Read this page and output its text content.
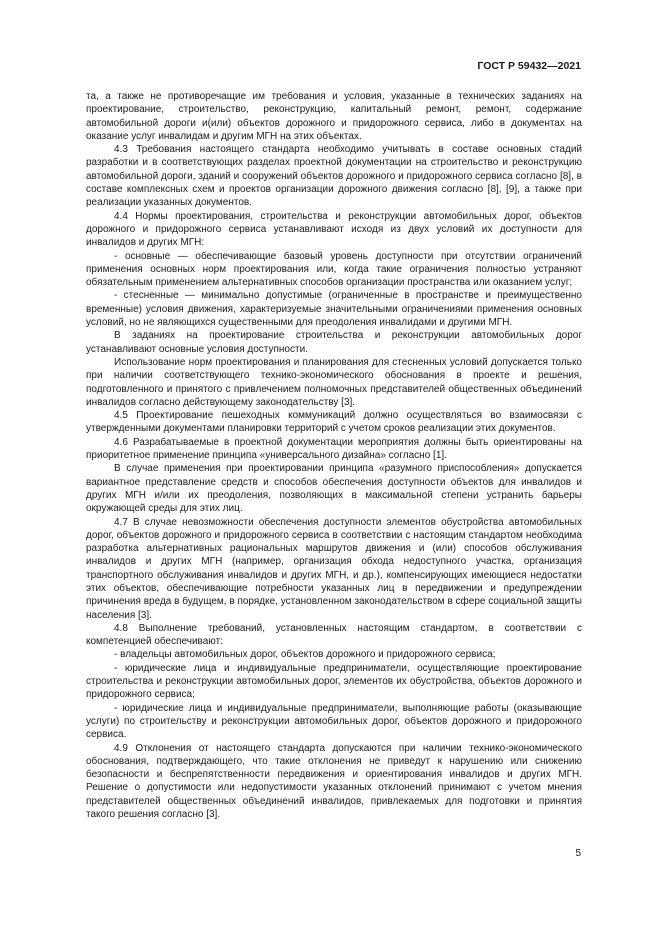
ГОСТ Р 59432—2021

та, а также не противоречащие им требования и условия, указанные в технических заданиях на проектирование, строительство, реконструкцию, капитальный ремонт, ремонт, содержание автомобильной дороги и(или) объектов дорожного и придорожного сервиса, либо в документах на оказание услуг инвалидам и другим МГН на этих объектах.

4.3 Требования настоящего стандарта необходимо учитывать в составе основных стадий разработки и в соответствующих разделах проектной документации на строительство и реконструкцию автомобильной дороги, зданий и сооружений объектов дорожного и придорожного сервиса согласно [8], в составе комплексных схем и проектов организации дорожного движения согласно [8], [9], а также при реализации указанных документов.

4.4 Нормы проектирования, строительства и реконструкции автомобильных дорог, объектов дорожного и придорожного сервиса устанавливают исходя из двух условий их доступности для инвалидов и других МГН:

- основные — обеспечивающие базовый уровень доступности при отсутствии ограничений применения основных норм проектирования или, когда такие ограничения полностью устраняют обязательным применением альтернативных способов организации пространства или оказанием услуг;

- стесненные — минимально допустимые (ограниченные в пространстве и преимущественно временные) условия движения, характеризуемые значительными ограничениями применения основных условий, но не являющихся существенными для преодоления инвалидами и другими МГН.

В заданиях на проектирование строительства и реконструкции автомобильных дорог устанавливают основные условия доступности.

Использование норм проектирования и планирования для стесненных условий допускается только при наличии соответствующего технико-экономического обоснования в проекте и решения, подготовленного и принятого с привлечением полномочных представителей общественных объединений инвалидов согласно действующему законодательству [3].

4.5 Проектирование пешеходных коммуникаций должно осуществляться во взаимосвязи с утвержденными документами планировки территорий с учетом сроков реализации этих документов.

4.6 Разрабатываемые в проектной документации мероприятия должны быть ориентированы на приоритетное применение принципа «универсального дизайна» согласно [1].

В случае применения при проектировании принципа «разумного приспособления» допускается вариантное представление средств и способов обеспечения доступности объектов для инвалидов и других МГН и/или их преодоления, позволяющих в максимальной степени устранить барьеры окружающей среды для этих лиц.

4.7 В случае невозможности обеспечения доступности элементов обустройства автомобильных дорог, объектов дорожного и придорожного сервиса в соответствии с настоящим стандартом необходима разработка альтернативных рациональных маршрутов движения и (или) способов обслуживания инвалидов и других МГН (например, организация обхода недоступного участка, организация транспортного обслуживания инвалидов и других МГН, и др.), компенсирующих имеющиеся недостатки этих объектов, обеспечивающие потребности указанных лиц в передвижении и предупреждении причинения вреда в будущем, в порядке, установленном законодательством в сфере социальной защиты населения [3].

4.8 Выполнение требований, установленных настоящим стандартом, в соответствии с компетенцией обеспечивают:

- владельцы автомобильных дорог, объектов дорожного и придорожного сервиса;

- юридические лица и индивидуальные предприниматели, осуществляющие проектирование строительства и реконструкции автомобильных дорог, элементов их обустройства, объектов дорожного и придорожного сервиса;

- юридические лица и индивидуальные предприниматели, выполняющие работы (оказывающие услуги) по строительству и реконструкции автомобильных дорог, объектов дорожного и придорожного сервиса.

4.9 Отклонения от настоящего стандарта допускаются при наличии технико-экономического обоснования, подтверждающего, что такие отклонения не приведут к нарушению или снижению безопасности и беспрепятственности передвижения и ориентирования инвалидов и других МГН. Решение о допустимости или недопустимости указанных отклонений принимают с учетом мнения представителей общественных объединений инвалидов, привлекаемых для подготовки и принятия такого решения согласно [3].

5
